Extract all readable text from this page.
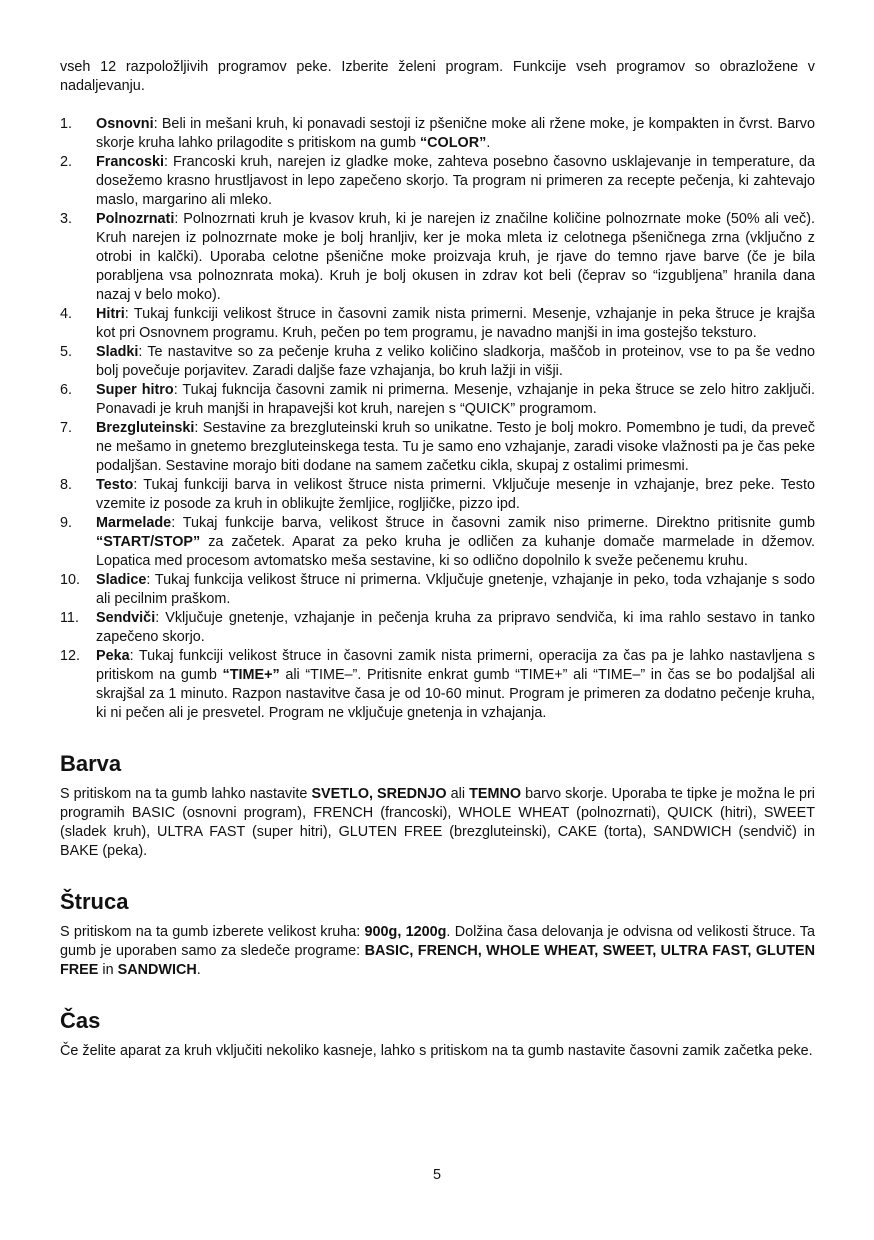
vseh 12 razpoložljivih programov peke. Izberite želeni program. Funkcije vseh programov so obrazložene v nadaljevanju.

1.	Osnovni: Beli in mešani kruh, ki ponavadi sestoji iz pšenične moke ali ržene moke, je kompakten in čvrst. Barvo skorje kruha lahko prilagodite s pritiskom na gumb “COLOR”.
2.	Francoski: Francoski kruh, narejen iz gladke moke, zahteva posebno časovno usklajevanje in temperature, da dosežemo krasno hrustljavost in lepo zapečeno skorjo. Ta program ni primeren za recepte pečenja, ki zahtevajo maslo, margarino ali mleko.
3.	Polnozrnati: Polnozrnati kruh je kvasov kruh, ki je narejen iz značilne količine polnozrnate moke (50% ali več). Kruh narejen iz polnozrnate moke je bolj hranljiv, ker je moka mleta iz celotnega pšeničnega zrna (vključno z otrobi in kalčki). Uporaba celotne pšenične moke proizvaja kruh, je rjave do temno rjave barve (če je bila porabljena vsa polnoznrata moka). Kruh je bolj okusen in zdrav kot beli (čeprav so “izgubljena” hranila dana nazaj v belo moko).
4.	Hitri: Tukaj funkciji velikost štruce in časovni zamik nista primerni. Mesenje, vzhajanje in peka štruce je krajša kot pri Osnovnem programu. Kruh, pečen po tem programu, je navadno manjši in ima gostejšo teksturo.
5.	Sladki: Te nastavitve so za pečenje kruha z veliko količino sladkorja, maščob in proteinov, vse to pa še vedno bolj povečuje porjavitev. Zaradi daljše faze vzhajanja, bo kruh lažji in višji.
6.	Super hitro: Tukaj fukncija časovni zamik ni primerna. Mesenje, vzhajanje in peka štruce se zelo hitro zaključi. Ponavadi je kruh manjši in hrapavejši kot kruh, narejen s “QUICK” programom.
7.	Brezgluteinski: Sestavine za brezgluteinski kruh so unikatne. Testo je bolj mokro. Pomembno je tudi, da preveč ne mešamo in gnetemo brezgluteinskega testa. Tu je samo eno vzhajanje, zaradi visoke vlažnosti pa je čas peke podaljšan. Sestavine morajo biti dodane na samem začetku cikla, skupaj z ostalimi primesmi.
8.	Testo: Tukaj funkciji barva in velikost štruce nista primerni. Vključuje mesenje in vzhajanje, brez peke. Testo vzemite iz posode za kruh in oblikujte žemljice, rogljičke, pizzo ipd.
9.	Marmelade: Tukaj funkcije barva, velikost štruce in časovni zamik niso primerne. Direktno pritisnite gumb “START/STOP” za začetek. Aparat za peko kruha je odličen za kuhanje domače marmelade in džemov. Lopatica med procesom avtomatsko meša sestavine, ki so odlično dopolnilo k sveže pečenemu kruhu.
10.	Sladice: Tukaj funkcija velikost štruce ni primerna. Vključuje gnetenje, vzhajanje in peko, toda vzhajanje s sodo ali pecilnim praškom.
11.	Sendviči: Vključuje gnetenje, vzhajanje in pečenja kruha za pripravo sendviča, ki ima rahlo sestavo in tanko zapečeno skorjo.
12.	Peka: Tukaj funkciji velikost štruce in časovni zamik nista primerni, operacija za čas pa je lahko nastavljena s pritiskom na gumb “TIME+” ali “TIME–”. Pritisnite enkrat gumb “TIME+” ali “TIME–” in čas se bo podaljšal ali skrajšal za 1 minuto. Razpon nastavitve časa je od 10-60 minut. Program je primeren za dodatno pečenje kruha, ki ni pečen ali je presvetel. Program ne vključuje gnetenja in vzhajanja.
Barva

S pritiskom na ta gumb lahko nastavite SVETLO, SREDNJO ali TEMNO barvo skorje. Uporaba te tipke je možna le pri programih BASIC (osnovni program), FRENCH (francoski), WHOLE WHEAT (polnozrnati), QUICK (hitri), SWEET (sladek kruh), ULTRA FAST (super hitri), GLUTEN FREE (brezgluteinski), CAKE (torta), SANDWICH (sendvič) in BAKE (peka).

Štruca

S pritiskom na ta gumb izberete velikost kruha: 900g, 1200g. Dolžina časa delovanja je odvisna od velikosti štruce. Ta gumb je uporaben samo za sledeče programe: BASIC, FRENCH, WHOLE WHEAT, SWEET, ULTRA FAST, GLUTEN FREE in SANDWICH.

Čas

Če želite aparat za kruh vključiti nekoliko kasneje, lahko s pritiskom na ta gumb nastavite časovni zamik začetka peke.

5
